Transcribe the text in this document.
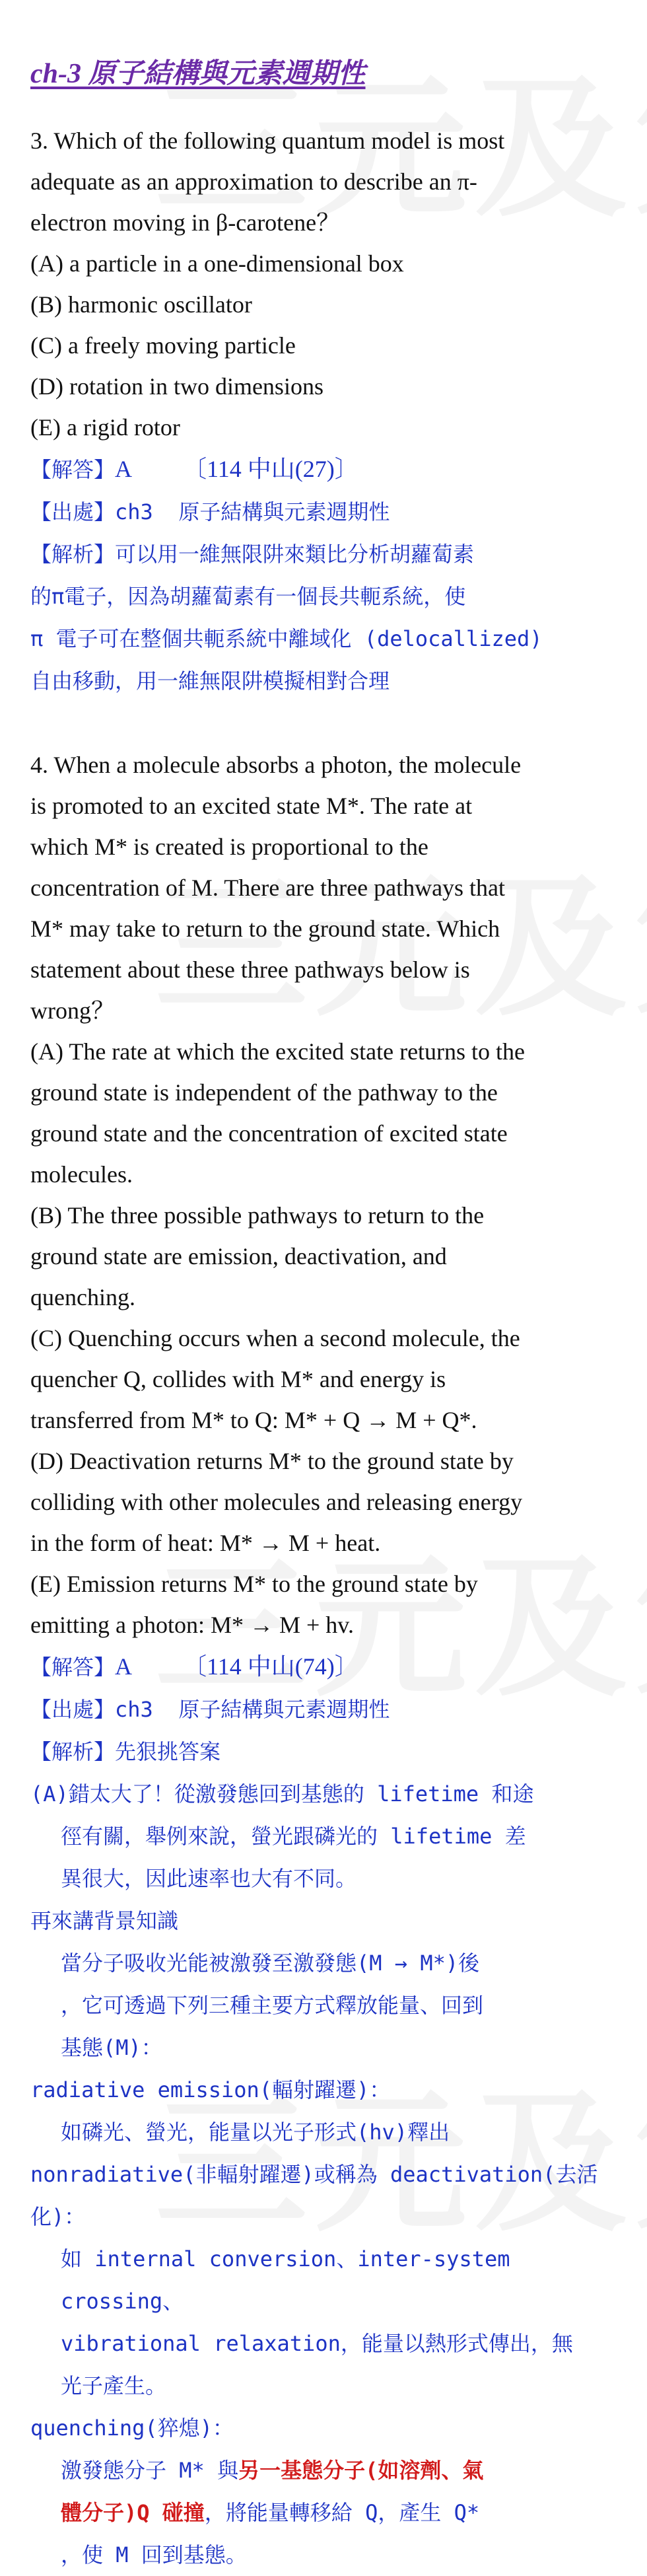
ch-3 原子結構與元素週期性

3. Which of the following quantum model is most

adequate as an approximation to describe an π-

electron moving in β-carotene？

(A) a particle in a one-dimensional box

(B) harmonic oscillator

(C) a freely moving particle

(D) rotation in two dimensions

(E) a rigid rotor

【解答】A 〔114 中山(27)〕

【出處】ch3  原子結構與元素週期性

【解析】可以用一維無限阱來類比分析胡蘿蔔素
的π電子，因為胡蘿蔔素有一個長共軛系統，使
π 電子可在整個共軛系統中離域化 (delocallized)
自由移動，用一維無限阱模擬相對合理

4. When a molecule absorbs a photon, the molecule

is promoted to an excited state M*. The rate at

which M* is created is proportional to the

concentration of M. There are three pathways that

M* may take to return to the ground state. Which

statement about these three pathways below is

wrong？

(A) The rate at which the excited state returns to the

ground state is independent of the pathway to the

ground state and the concentration of excited state

molecules.

(B) The three possible pathways to return to the

ground state are emission, deactivation, and

quenching.

(C) Quenching occurs when a second molecule, the

quencher Q, collides with M* and energy is

transferred from M* to Q: M* + Q → M + Q*.

(D) Deactivation returns M* to the ground state by

colliding with other molecules and releasing energy

in the form of heat: M* → M + heat.

(E) Emission returns M* to the ground state by

emitting a photon: M* → M + hv.

【解答】A 〔114 中山(74)〕

【出處】ch3  原子結構與元素週期性

【解析】先狠挑答案
(A)錯太大了！從激發態回到基態的 lifetime 和途
徑有關，舉例來說，螢光跟磷光的 lifetime 差
異很大，因此速率也大有不同。
再來講背景知識
當分子吸收光能被激發至激發態(M → M*)後
，它可透過下列三種主要方式釋放能量、回到
基態(M)：
radiative emission(輻射躍遷)：
如磷光、螢光，能量以光子形式(hv)釋出
nonradiative(非輻射躍遷)或稱為 deactivation(去活
化)：
如 internal conversion、inter-system crossing、
vibrational relaxation，能量以熱形式傳出，無
光子產生。
quenching(猝熄)：
激發態分子 M* 與另一基態分子(如溶劑、氣
體分子)Q 碰撞，將能量轉移給 Q，產生 Q*
，使 M 回到基態。
